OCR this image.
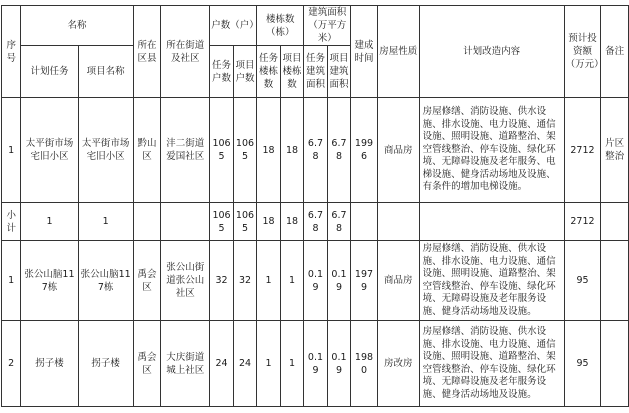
序号	名称		所在区县	所在街道及社区	户数（户）		楼栋数（栋）		建筑面积（万平方米）		建成时间	房屋性质	计划改造内容	预计投资额（万元）	备注
	计划任务	项目名称			任务户数	项目户数	任务楼栋数	项目楼栋数	任务建筑面积	项目建筑面积					

1	太平街市场宅旧小区	太平街市场宅旧小区	黔山区	沣二街道爱国社区	1065	1065	18	18	6.78	6.78	1996	商品房	房屋修缮、消防设施、供水设施、排水设施、电力设施、通信设施、照明设施、道路整治、架空管线整治、停车设施、绿化环境、无障碍设施及老年服务、电梯设施、健身活动场地及设施、有条件的增加电梯设施。	2712	片区整治
小计	1	1			1065	1065	18	18	6.78	6.78				2712	
1	张公山脑117栋	张公山脑117栋	禹会区	张公山街道张公山社区	32	32	1	1	0.19	0.19	1979	商品房	房屋修缮、消防设施、供水设施、排水设施、电力设施、通信设施、照明设施、道路整治、架空管线整治、停车设施、绿化环境、无障碍设施及老年服务设施、健身活动场地及设施。	95	
2	拐子楼	拐子楼	禹会区	大庆街道城上社区	24	24	1	1	0.19	0.19	1980	房改房	房屋修缮、消防设施、供水设施、排水设施、电力设施、通信设施、照明设施、道路整治、架空管线整治、停车设施、绿化环境、无障碍设施及老年服务设施、健身活动场地及设施。	95	
